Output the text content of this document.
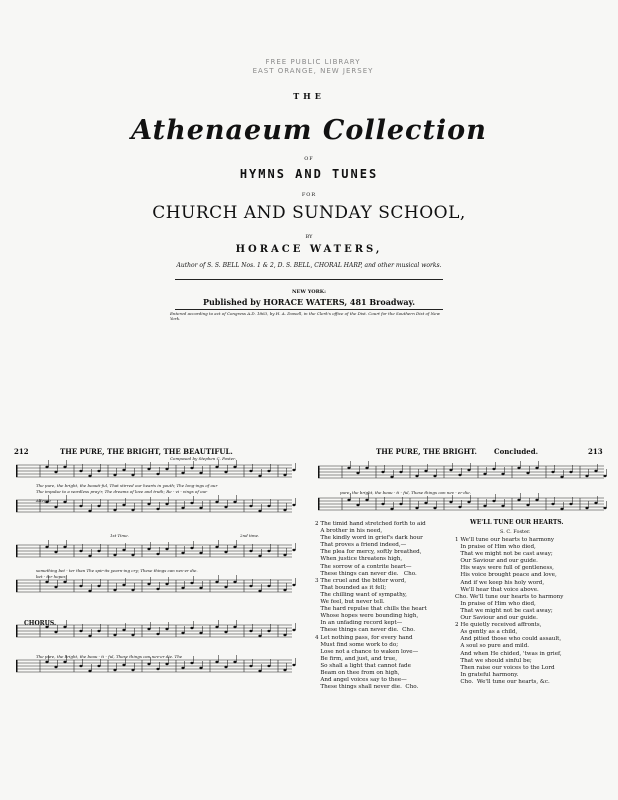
FREE PUBLIC LIBRARY
EAST ORANGE, NEW JERSEY
THE
Athenaeum Collection
OF
HYMNS AND TUNES
FOR
CHURCH AND SUNDAY SCHOOL,
BY
HORACE WATERS,
Author of S. S. BELL Nos. 1 & 2, D. S. BELL, CHORAL HARP, and other musical works.
NEW YORK:
Published by HORACE WATERS, 481 Broadway.
Entered according to act of Congress A.D. 1863, by H. A. Dowell, in the Clerk's office of the Dist. Court for the Southern Dist of New York.
212	THE PURE, THE BRIGHT, THE BEAUTIFUL.
Composed by Stephen C. Foster.
The pure, the bright, the beauti-ful, That stirred our hearts in youth; The long-ings of our
The impulse to a wordless pray'r, The dreams of love and truth; Re - vi - vings of our
Allegro
something bet - ter than The spir-its yearn-ing cry; These things can nev-er die.
bet - ter hopes;
1st Time.	2nd time.
CHORUS.
The pure, the bright, the beau - ti - ful, These things can nev-er die. The
THE PURE, THE BRIGHT. Concluded.	213
pure, the bright, the beau - ti - ful, These things can nev - er die.
2 The timid hand stretched forth to aid
A brother in his need,
The kindly word in grief's dark hour
That proves a friend indeed,—
The plea for mercy, softly breathed,
When justice threatens high,
The sorrow of a contrite heart—
These things can never die.   Cho.
3 The cruel and the bitter word,
That bounded as it fell;
The chilling want of sympathy,
We feel, but never tell.
The hard repulse that chills the heart
Whose hopes were bounding high,
In an unfading record kept—
These things can never die.  Cho.
4 Let nothing pass, for every hand
Must find some work to do;
Lose not a chance to waken love—
Be firm, and just, and true,
So shall a light that cannot fade
Beam on thee from on high,
And angel voices say to thee—
These things shall never die.  Cho.
WE'LL TUNE OUR HEARTS.
S. C. Foster.
1 We'll tune our hearts to harmony
In praise of Him who died,
That we might not be cast away;
Our Saviour and our guide.
His ways were full of gentleness,
His voice brought peace and love,
And if we keep his holy word,
We'll hear that voice above.
Cho. We'll tune our hearts to harmony
In praise of Him who died,
That we might not be cast away;
Our Saviour and our guide.
2 He quietly received affronts,
As gently as a child,
And pitied those who could assault,
A soul so pure and mild.
And when He chided, 'twas in grief,
That we should sinful be;
Then raise our voices to the Lord
In grateful harmony.
Cho.  We'll tune our hearts, &c.
